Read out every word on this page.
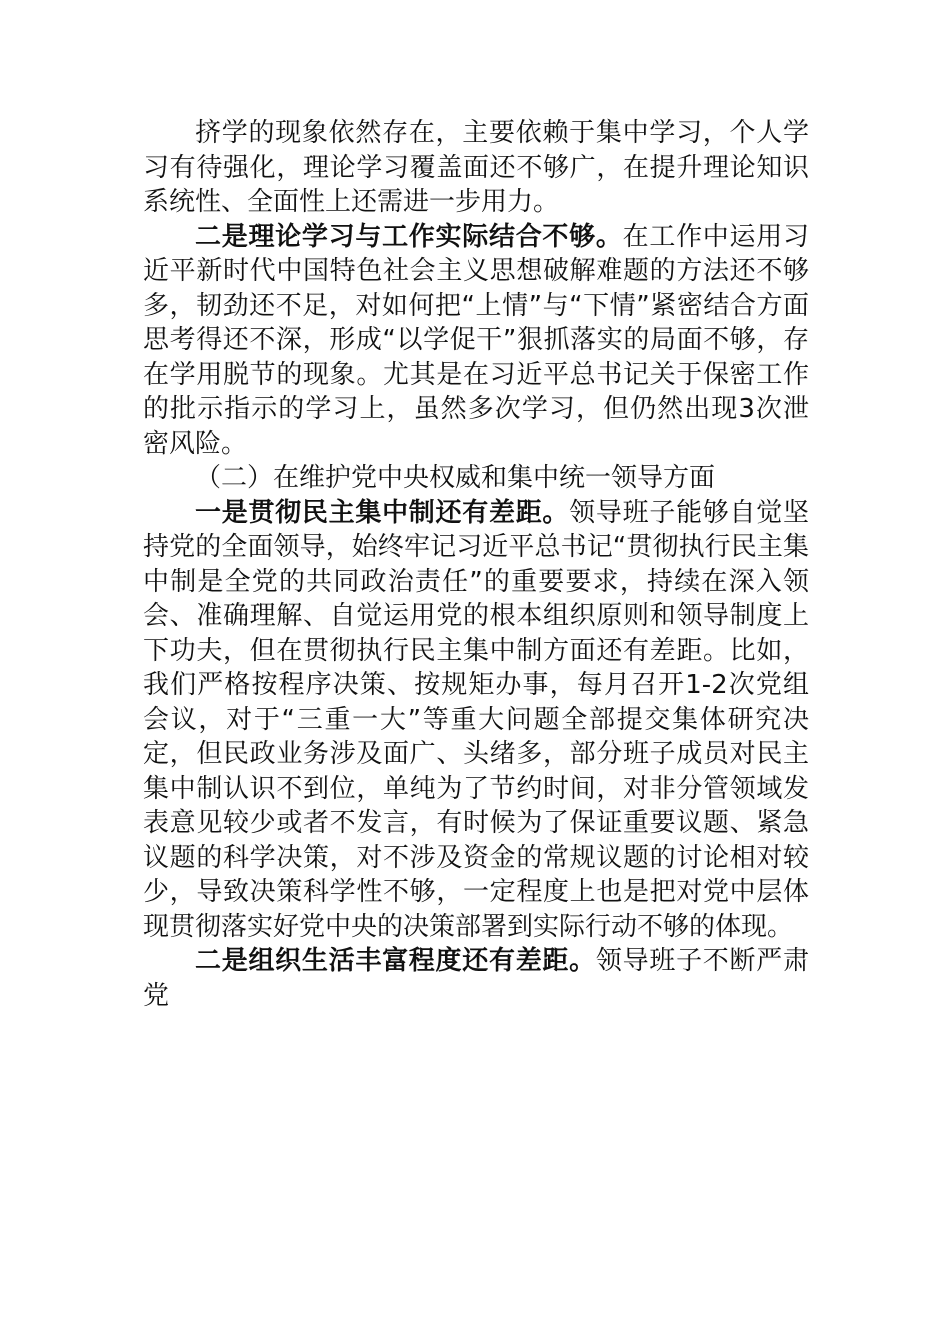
挤学的现象依然存在，主要依赖于集中学习，个人学习有待强化，理论学习覆盖面还不够广，在提升理论知识系统性、全面性上还需进一步用力。

二是理论学习与工作实际结合不够。在工作中运用习近平新时代中国特色社会主义思想破解难题的方法还不够多，韧劲还不足，对如何把“上情”与“下情”紧密结合方面思考得还不深，形成“以学促干”狠抓落实的局面不够，存在学用脱节的现象。尤其是在习近平总书记关于保密工作的批示指示的学习上，虽然多次学习，但仍然出现3次泄密风险。

（二）在维护党中央权威和集中统一领导方面

一是贯彻民主集中制还有差距。领导班子能够自觉坚持党的全面领导，始终牢记习近平总书记“贯彻执行民主集中制是全党的共同政治责任”的重要要求，持续在深入领会、准确理解、自觉运用党的根本组织原则和领导制度上下功夫，但在贯彻执行民主集中制方面还有差距。比如，我们严格按程序决策、按规矩办事，每月召开1-2次党组会议，对于“三重一大”等重大问题全部提交集体研究决定，但民政业务涉及面广、头绪多，部分班子成员对民主集中制认识不到位，单纯为了节约时间，对非分管领域发表意见较少或者不发言，有时候为了保证重要议题、紧急议题的科学决策，对不涉及资金的常规议题的讨论相对较少，导致决策科学性不够，一定程度上也是把对党中层体现贯彻落实好党中央的决策部署到实际行动不够的体现。

二是组织生活丰富程度还有差距。领导班子不断严肃党
